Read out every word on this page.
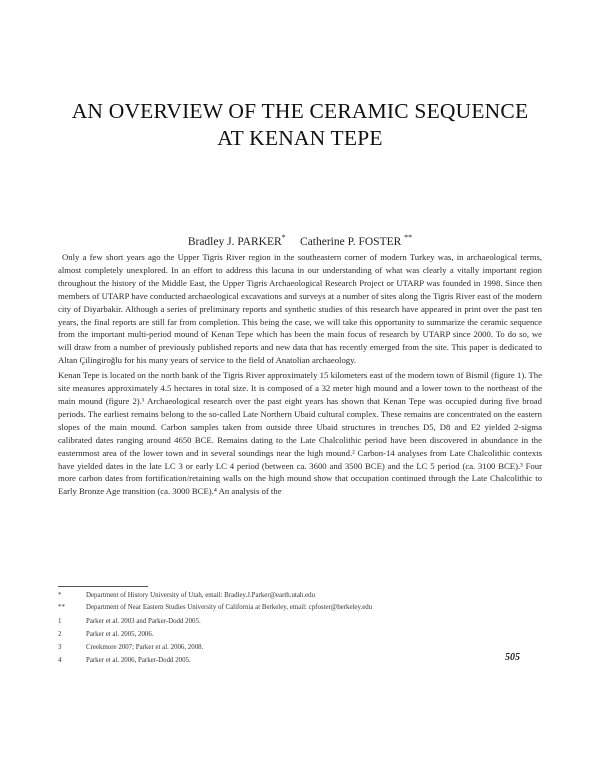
AN OVERVIEW OF THE CERAMIC SEQUENCE
AT KENAN TEPE
Bradley J. PARKER* Catherine P. FOSTER **

Only a few short years ago the Upper Tigris River region in the southeastern corner of modern Turkey was, in archaeological terms, almost completely unexplored. In an effort to address this lacuna in our understanding of what was clearly a vitally important region throughout the history of the Middle East, the Upper Tigris Archaeological Research Project or UTARP was founded in 1998. Since then members of UTARP have conducted archaeological excavations and surveys at a number of sites along the Tigris River east of the modern city of Diyarbakir. Although a series of preliminary reports and synthetic studies of this research have appeared in print over the past ten years, the final reports are still far from completion. This being the case, we will take this opportunity to summarize the ceramic sequence from the important multi-period mound of Kenan Tepe which has been the main focus of research by UTARP since 2000. To do so, we will draw from a number of previously published reports and new data that has recently emerged from the site. This paper is dedicated to Altan Çilingiroğlu for his many years of service to the field of Anatolian archaeology.

Kenan Tepe is located on the north bank of the Tigris River approximately 15 kilometers east of the modern town of Bismil (figure 1). The site measures approximately 4.5 hectares in total size. It is composed of a 32 meter high mound and a lower town to the northeast of the main mound (figure 2).¹ Archaeological research over the past eight years has shown that Kenan Tepe was occupied during five broad periods. The earliest remains belong to the so-called Late Northern Ubaid cultural complex. These remains are concentrated on the eastern slopes of the main mound. Carbon samples taken from outside three Ubaid structures in trenches D5, D8 and E2 yielded 2-sigma calibrated dates ranging around 4650 BCE. Remains dating to the Late Chalcolithic period have been discovered in abundance in the easternmost area of the lower town and in several soundings near the high mound.² Carbon-14 analyses from Late Chalcolithic contexts have yielded dates in the late LC 3 or early LC 4 period (between ca. 3600 and 3500 BCE) and the LC 5 period (ca. 3100 BCE).³ Four more carbon dates from fortification/retaining walls on the high mound show that occupation continued through the Late Chalcolithic to Early Bronze Age transition (ca. 3000 BCE).⁴ An analysis of the

*	Department of History University of Utah, email: Bradley.J.Parker@earth.utah.edu
**	Department of Near Eastern Studies University of California at Berkeley, email: cpfoster@berkeley.edu
1	Parker et al. 2003 and Parker-Dodd 2005.
2	Parker et al. 2005, 2006.
3	Creekmore 2007; Parker et al. 2006, 2008.
4	Parker et al. 2006, Parker-Dodd 2005.	505
